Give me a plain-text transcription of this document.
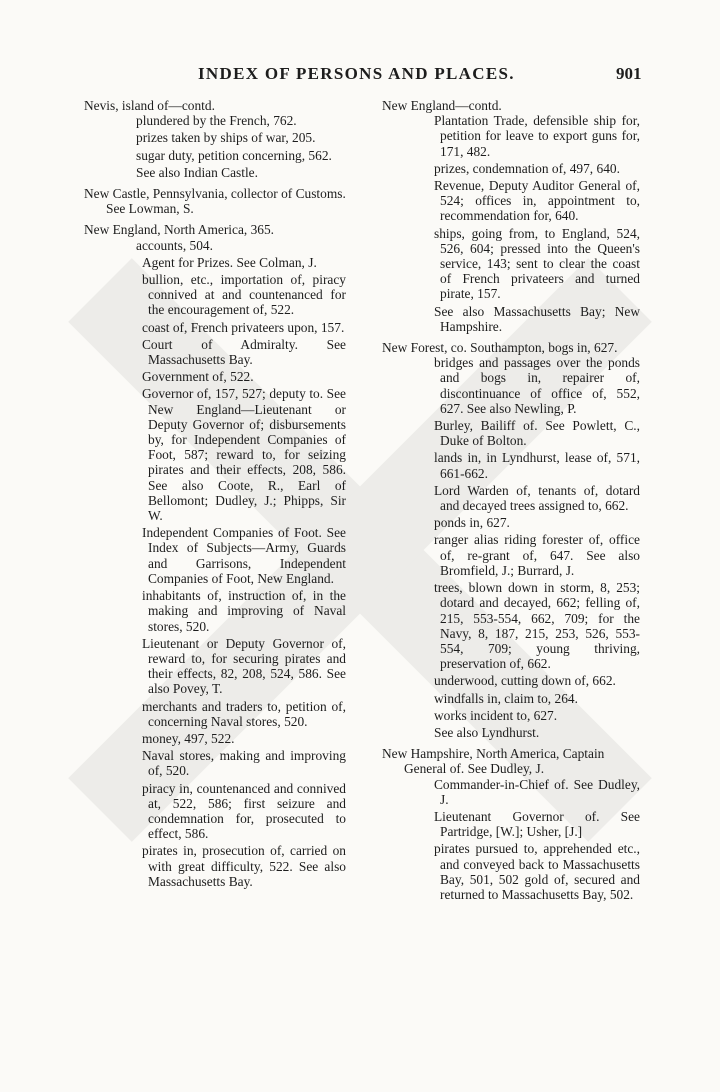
INDEX OF PERSONS AND PLACES.	901
Nevis, island of—contd.
plundered by the French, 762.
prizes taken by ships of war, 205.
sugar duty, petition concerning, 562.
See also Indian Castle.
New Castle, Pennsylvania, collector of Customs. See Lowman, S.
New England, North America, 365.
accounts, 504.
Agent for Prizes. See Colman, J.
bullion, etc., importation of, piracy connived at and countenanced for the encouragement of, 522.
coast of, French privateers upon, 157.
Court of Admiralty. See Massachusetts Bay.
Government of, 522.
Governor of, 157, 527; deputy to. See New England—Lieutenant or Deputy Governor of; disbursements by, for Independent Companies of Foot, 587; reward to, for seizing pirates and their effects, 208, 586. See also Coote, R., Earl of Bellomont; Dudley, J.; Phipps, Sir W.
Independent Companies of Foot. See Index of Subjects—Army, Guards and Garrisons, Independent Companies of Foot, New England.
inhabitants of, instruction of, in the making and improving of Naval stores, 520.
Lieutenant or Deputy Governor of, reward to, for securing pirates and their effects, 82, 208, 524, 586. See also Povey, T.
merchants and traders to, petition of, concerning Naval stores, 520.
money, 497, 522.
Naval stores, making and improving of, 520.
piracy in, countenanced and connived at, 522, 586; first seizure and condemnation for, prosecuted to effect, 586.
pirates in, prosecution of, carried on with great difficulty, 522. See also Massachusetts Bay.
New England—contd.
Plantation Trade, defensible ship for, petition for leave to export guns for, 171, 482.
prizes, condemnation of, 497, 640.
Revenue, Deputy Auditor General of, 524; offices in, appointment to, recommendation for, 640.
ships, going from, to England, 524, 526, 604; pressed into the Queen's service, 143; sent to clear the coast of French privateers and turned pirate, 157.
See also Massachusetts Bay; New Hampshire.
New Forest, co. Southampton, bogs in, 627.
bridges and passages over the ponds and bogs in, repairer of, discontinuance of office of, 552, 627. See also Newling, P.
Burley, Bailiff of. See Powlett, C., Duke of Bolton.
lands in, in Lyndhurst, lease of, 571, 661-662.
Lord Warden of, tenants of, dotard and decayed trees assigned to, 662.
ponds in, 627.
ranger alias riding forester of, office of, re-grant of, 647. See also Bromfield, J.; Burrard, J.
trees, blown down in storm, 8, 253; dotard and decayed, 662; felling of, 215, 553-554, 662, 709; for the Navy, 8, 187, 215, 253, 526, 553-554, 709; young thriving, preservation of, 662.
underwood, cutting down of, 662.
windfalls in, claim to, 264.
works incident to, 627.
See also Lyndhurst.
New Hampshire, North America, Captain General of. See Dudley, J.
Commander-in-Chief of. See Dudley, J.
Lieutenant Governor of. See Partridge, [W.]; Usher, [J.]
pirates pursued to, apprehended etc., and conveyed back to Massachusetts Bay, 501, 502 gold of, secured and returned to Massachusetts Bay, 502.
